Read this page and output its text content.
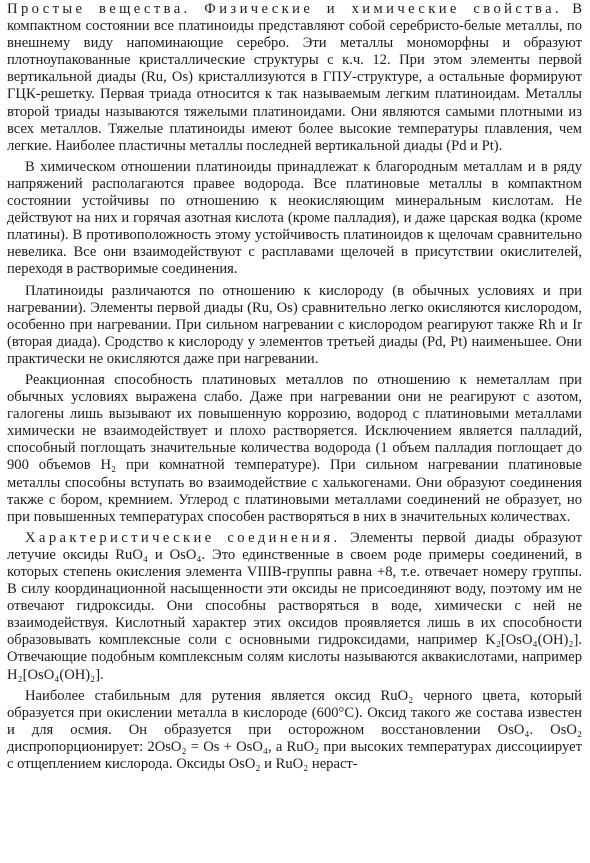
Простые вещества. Физические и химические свойства. В компактном состоянии все платиноиды представляют собой серебристо-белые металлы, по внешнему виду напоминающие серебро. Эти металлы мономорфны и образуют плотноупакованные кристаллические структуры с к.ч. 12. При этом элементы первой вертикальной диады (Ru, Os) кристаллизуются в ГПУ-структуре, а остальные формируют ГЦК-решетку. Первая триада относится к так называемым легким платиноидам. Металлы второй триады называются тяжелыми платиноидами. Они являются самыми плотными из всех металлов. Тяжелые платиноиды имеют более высокие температуры плавления, чем легкие. Наиболее пластичны металлы последней вертикальной диады (Pd и Pt).

В химическом отношении платиноиды принадлежат к благородным металлам и в ряду напряжений располагаются правее водорода. Все платиновые металлы в компактном состоянии устойчивы по отношению к неокисляющим минеральным кислотам. Не действуют на них и горячая азотная кислота (кроме палладия), и даже царская водка (кроме платины). В противоположность этому устойчивость платиноидов к щелочам сравнительно невелика. Все они взаимодействуют с расплавами щелочей в присутствии окислителей, переходя в растворимые соединения.

Платиноиды различаются по отношению к кислороду (в обычных условиях и при нагревании). Элементы первой диады (Ru, Os) сравнительно легко окисляются кислородом, особенно при нагревании. При сильном нагревании с кислородом реагируют также Rh и Ir (вторая диада). Сродство к кислороду у элементов третьей диады (Pd, Pt) наименьшее. Они практически не окисляются даже при нагревании.

Реакционная способность платиновых металлов по отношению к неметаллам при обычных условиях выражена слабо. Даже при нагревании они не реагируют с азотом, галогены лишь вызывают их повышенную коррозию, водород с платиновыми металлами химически не взаимодействует и плохо растворяется. Исключением является палладий, способный поглощать значительные количества водорода (1 объем палладия поглощает до 900 объемов H₂ при комнатной температуре). При сильном нагревании платиновые металлы способны вступать во взаимодействие с халькогенами. Они образуют соединения также с бором, кремнием. Углерод с платиновыми металлами соединений не образует, но при повышенных температурах способен растворяться в них в значительных количествах.

Характеристические соединения. Элементы первой диады образуют летучие оксиды RuO₄ и OsO₄. Это единственные в своем роде примеры соединений, в которых степень окисления элемента VIIIB-группы равна +8, т.е. отвечает номеру группы. В силу координационной насыщенности эти оксиды не присоединяют воду, поэтому им не отвечают гидроксиды. Они способны растворяться в воде, химически с ней не взаимодействуя. Кислотный характер этих оксидов проявляется лишь в их способности образовывать комплексные соли с основными гидроксидами, например K₂[OsO₄(OH)₂]. Отвечающие подобным комплексным солям кислоты называются аквакислотами, например H₂[OsO₄(OH)₂].

Наиболее стабильным для рутения является оксид RuO₂ черного цвета, который образуется при окислении металла в кислороде (600°C). Оксид такого же состава известен и для осмия. Он образуется при осторожном восстановлении OsO₄. OsO₂ диспропорционирует: 2OsO₂ = Os + OsO₄, а RuO₂ при высоких температурах диссоциирует с отщеплением кислорода. Оксиды OsO₂ и RuO₂ нераст-
